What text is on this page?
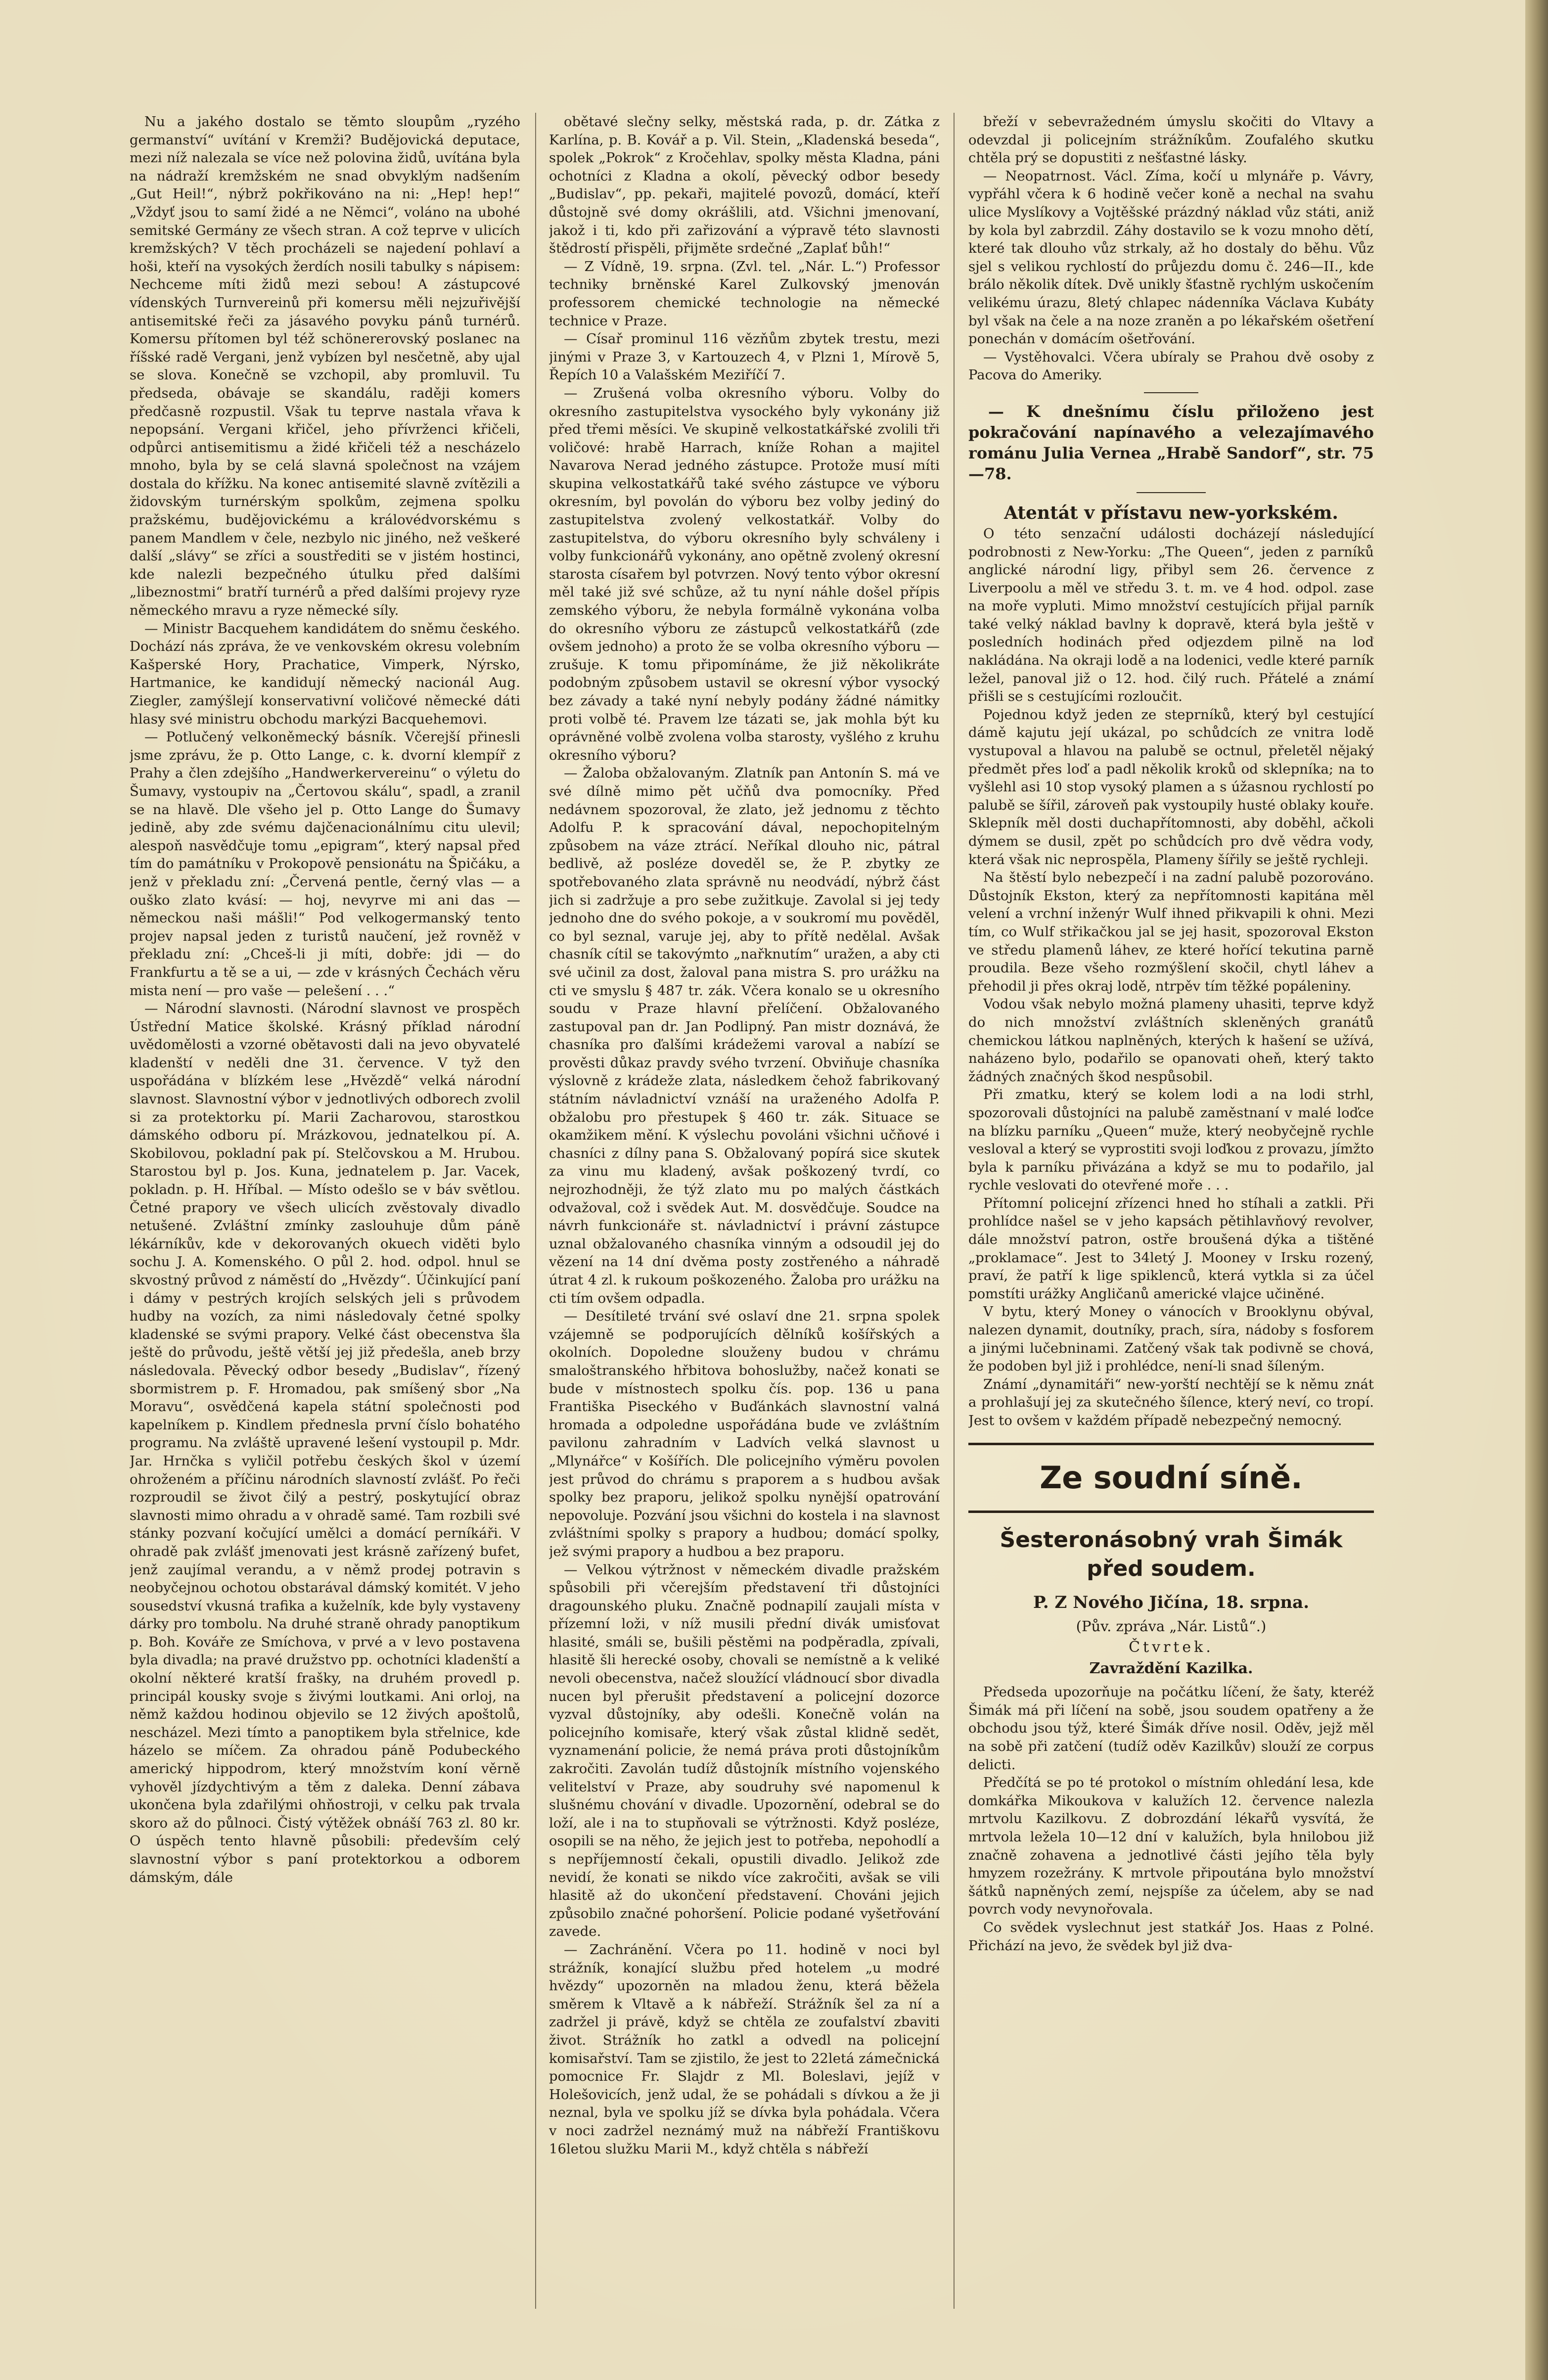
Nu a jakého dostalo se těmto sloupům „ryzého germanství“ uvítání v Kremži? Budějovická deputace, mezi níž nalezala se více než polovina židů, uvítána byla na nádraží kremžském ne snad obvyklým nadšením „Gut Heil!“, nýbrž pokřikováno na ni: „Hep! hep!“ „Vždyť jsou to samí židé a ne Němci“, voláno na ubohé semitské Germány ze všech stran. A což teprve v ulicích kremžských? V těch procházeli se najedení pohlaví a hoši, kteří na vysokých žerdích nosili tabulky s nápisem: Nechceme míti židů mezi sebou! A zástupcové vídenských Turnvereinů při komersu měli nejzuřivější antisemitské řeči za jásavého povyku pánů turnérů. Komersu přítomen byl též schönererovský poslanec na říšské radě Vergani, jenž vybízen byl nesčetně, aby ujal se slova. Konečně se vzchopil, aby promluvil. Tu předseda, obávaje se skandálu, raději komers předčasně rozpustil. Však tu teprve nastala vřava k nepopsání. Vergani křičel, jeho přívrženci křičeli, odpůrci antisemitismu a židé křičeli též a nescházelo mnoho, byla by se celá slavná společnost na vzájem dostala do křížku. Na konec antisemité slavně zvítězili a židovským turnérským spolkům, zejmena spolku pražskému, budějovickému a královédvorskému s panem Mandlem v čele, nezbylo nic jiného, než veškeré další „slávy“ se zříci a soustřediti se v jistém hostinci, kde nalezli bezpečného útulku před dalšími „libeznostmi“ bratří turnérů a před dalšími projevy ryze německého mravu a ryze německé síly.

— Ministr Bacquehem kandidátem do sněmu českého. Dochází nás zpráva, že ve venkovském okresu volebním Kašperské Hory, Prachatice, Vimperk, Nýrsko, Hartmanice, ke kandidují německý nacionál Aug. Ziegler, zamýšlejí konservativní voličové německé dáti hlasy své ministru obchodu markýzi Bacquehemovi.

— Potlučený velkoněmecký básník. Včerejší přinesli jsme zprávu, že p. Otto Lange, c. k. dvorní klempíř z Prahy a člen zdejšího „Handwerkervereinu“ o výletu do Šumavy, vystoupiv na „Čertovou skálu“, spadl, a zranil se na hlavě. Dle všeho jel p. Otto Lange do Šumavy jedině, aby zde svému dajčenacionálnímu citu ulevil; alespoň nasvědčuje tomu „epigram“, který napsal před tím do památníku v Prokopově pensionátu na Špičáku, a jenž v překladu zní: „Červená pentle, černý vlas — a ouško zlato kvásí: — hoj, nevyrve mi ani das — německou naši mášli!“ Pod velkogermanský tento projev napsal jeden z turistů naučení, jež rovněž v překladu zní: „Chceš-li ji míti, dobře: jdi — do Frankfurtu a tě se a ui, — zde v krásných Čechách věru mista není — pro vaše — pelešení . . .“

— Národní slavnosti. (Národní slavnost ve prospěch Ústřední Matice školské. Krásný příklad národní uvědomělosti a vzorné obětavosti dali na jevo obyvatelé kladenští v neděli dne 31. července. V tyž den uspořádána v blízkém lese „Hvězdě“ velká národní slavnost. Slavnostní výbor v jednotlivých odborech zvolil si za protektorku pí. Marii Zacharovou, starostkou dámského odboru pí. Mrázkovou, jednatelkou pí. A. Skobilovou, pokladní pak pí. Stelčovskou a M. Hrubou. Starostou byl p. Jos. Kuna, jednatelem p. Jar. Vacek, pokladn. p. H. Hříbal. — Místo odešlo se v báv světlou. Četné prapory ve všech ulicích zvěstovaly divadlo netušené. Zvláštní zmínky zaslouhuje dům páně lékárníkův, kde v dekorovaných okuech viděti bylo sochu J. A. Komenského. O půl 2. hod. odpol. hnul se skvostný průvod z náměstí do „Hvězdy“. Účinkující paní i dámy v pestrých krojích selských jeli s průvodem hudby na vozích, za nimi následovaly četné spolky kladenské se svými prapory. Velké část obecenstva šla ještě do průvodu, ještě větší jej již předešla, aneb brzy následovala. Pěvecký odbor besedy „Budislav“, řízený sbormistrem p. F. Hromadou, pak smíšený sbor „Na Moravu“, osvědčená kapela státní společnosti pod kapelníkem p. Kindlem přednesla první číslo bohatého programu. Na zvláště upravené lešení vystoupil p. Mdr. Jar. Hrnčka s vyličil potřebu českých škol v území ohroženém a příčinu národních slavností zvlášť. Po řeči rozproudil se život čilý a pestrý, poskytující obraz slavnosti mimo ohradu a v ohradě samé. Tam rozbili své stánky pozvaní kočující umělci a domácí perníkáři. V ohradě pak zvlášť jmenovati jest krásně zařízený bufet, jenž zaujímal verandu, a v němž prodej potravin s neobyčejnou ochotou obstarával dámský komitét. V jeho sousedství vkusná trafika a kuželník, kde byly vystaveny dárky pro tombolu. Na druhé straně ohrady panoptikum p. Boh. Kováře ze Smíchova, v prvé a v levo postavena byla divadla; na pravé družstvo pp. ochotníci kladenští a okolní některé kratší frašky, na druhém provedl p. principál kousky svoje s živými loutkami. Ani orloj, na němž každou hodinou objevilo se 12 živých apoštolů, nescházel. Mezi tímto a panoptikem byla střelnice, kde házelo se míčem. Za ohradou páně Podubeckého americký hippodrom, který množstvím koní věrně vyhověl jízdychtivým a těm z daleka. Denní zábava ukončena byla zdařilými ohňostroji, v celku pak trvala skoro až do půlnoci. Čistý výtěžek obnáší 763 zl. 80 kr. O úspěch tento hlavně působili: především celý slavnostní výbor s paní protektorkou a odborem dámským, dále

obětavé slečny selky, městská rada, p. dr. Zátka z Karlína, p. B. Kovář a p. Vil. Stein, „Kladenská beseda“, spolek „Pokrok“ z Kročehlav, spolky města Kladna, páni ochotníci z Kladna a okolí, pěvecký odbor besedy „Budislav“, pp. pekaři, majitelé povozů, domácí, kteří důstojně své domy okrášlili, atd. Všichni jmenovaní, jakož i ti, kdo při zařizování a výpravě této slavnosti štědrostí přispěli, přijměte srdečné „Zaplať bůh!“

— Z Vídně, 19. srpna. (Zvl. tel. „Nár. L.“) Professor techniky brněnské Karel Zulkovský jmenován professorem chemické technologie na německé technice v Praze.

— Císař prominul 116 vězňům zbytek trestu, mezi jinými v Praze 3, v Kartouzech 4, v Plzni 1, Mírově 5, Řepích 10 a Valašském Meziříčí 7.

— Zrušená volba okresního výboru. Volby do okresního zastupitelstva vysockého byly vykonány již před třemi měsíci. Ve skupině velkostatkářské zvolili tři voličové: hrabě Harrach, kníže Rohan a majitel Navarova Nerad jedného zástupce. Protože musí míti skupina velkostatkářů také svého zástupce ve výboru okresním, byl povolán do výboru bez volby jediný do zastupitelstva zvolený velkostatkář. Volby do zastupitelstva, do výboru okresního byly schváleny i volby funkcionářů vykonány, ano opětně zvolený okresní starosta císařem byl potvrzen. Nový tento výbor okresní měl také již své schůze, až tu nyní náhle došel přípis zemského výboru, že nebyla formálně vykonána volba do okresního výboru ze zástupců velkostatkářů (zde ovšem jednoho) a proto že se volba okresního výboru — zrušuje. K tomu připomínáme, že již několikráte podobným způsobem ustavil se okresní výbor vysocký bez závady a také nyní nebyly podány žádné námitky proti volbě té. Pravem lze tázati se, jak mohla být ku oprávněné volbě zvolena volba starosty, vyšlého z kruhu okresního výboru?

— Žaloba obžalovaným. Zlatník pan Antonín S. má ve své dílně mimo pět učňů dva pomocníky. Před nedávnem spozoroval, že zlato, jež jednomu z těchto Adolfu P. k spracování dával, nepochopitelným způsobem na váze ztrácí. Neříkal dlouho nic, pátral bedlivě, až posléze doveděl se, že P. zbytky ze spotřebovaného zlata správně nu neodvádí, nýbrž část jich si zadržuje a pro sebe zužitkuje. Zavolal si jej tedy jednoho dne do svého pokoje, a v soukromí mu pověděl, co byl seznal, varuje jej, aby to přítě nedělal. Avšak chasník cítil se takovýmto „nařknutím“ uražen, a aby cti své učinil za dost, žaloval pana mistra S. pro urážku na cti ve smyslu § 487 tr. zák. Včera konalo se u okresního soudu v Praze hlavní přelíčení. Obžalovaného zastupoval pan dr. Jan Podlipný. Pan mistr doznává, že chasníka pro ďalšími krádežemi varoval a nabízí se prověsti důkaz pravdy svého tvrzení. Obviňuje chasníka výslovně z krádeže zlata, následkem čehož fabrikovaný státním návladnictví vznáší na uraženého Adolfa P. obžalobu pro přestupek § 460 tr. zák. Situace se okamžikem mění. K výslechu povoláni všichni učňové i chasníci z dílny pana S. Obžalovaný popírá sice skutek za vinu mu kladený, avšak poškozený tvrdí, co nejrozhodněji, že týž zlato mu po malých částkách odvažoval, což i svědek Aut. M. dosvědčuje. Soudce na návrh funkcionáře st. návladnictví i právní zástupce uznal obžalovaného chasníka vinným a odsoudil jej do vězení na 14 dní dvěma posty zostřeného a náhradě útrat 4 zl. k rukoum poškozeného. Žaloba pro urážku na cti tím ovšem odpadla.

— Desítileté trvání své oslaví dne 21. srpna spolek vzájemně se podporujících dělníků košířských a okolních. Dopoledne slouženy budou v chrámu smaloštranského hřbitova bohoslužby, načež konati se bude v místnostech spolku čís. pop. 136 u pana Františka Piseckého v Buďánkách slavnostní valná hromada a odpoledne uspořádána bude ve zvláštním pavilonu zahradním v Ladvích velká slavnost u „Mlynářce“ v Košířích. Dle policejního výměru povolen jest průvod do chrámu s praporem a s hudbou avšak spolky bez praporu, jelikož spolku nynější opatrování nepovoluje. Pozvání jsou všichni do kostela i na slavnost zvláštními spolky s prapory a hudbou; domácí spolky, jež svými prapory a hudbou a bez praporu.

— Velkou výtržnost v německém divadle pražském spůsobili při včerejším představení tři důstojníci dragounského pluku. Značně podnapilí zaujali místa v přízemní loži, v níž musili přední divák umisťovat hlasité, smáli se, bušili pěstěmi na podpěradla, zpívali, hlasitě šli herecké osoby, chovali se nemístně a k veliké nevoli obecenstva, načež sloužící vládnoucí sbor divadla nucen byl přerušit představení a policejní dozorce vyzval důstojníky, aby odešli. Konečně volán na policejního komisaře, který však zůstal klidně sedět, vyznamenání policie, že nemá práva proti důstojníkům zakročiti. Zavolán tudíž důstojník místního vojenského velitelství v Praze, aby soudruhy své napomenul k slušnému chování v divadle. Upozornění, odebral se do loží, ale i na to stupňovali se výtržnosti. Když posléze, osopili se na něho, že jejich jest to potřeba, nepohodlí a s nepříjemností čekali, opustili divadlo. Jelikož zde nevidí, že konati se nikdo více zakročiti, avšak se vili hlasitě až do ukončení představení. Chováni jejich způsobilo značné pohoršení. Policie podané vyšetřování zavede.

— Zachránění. Včera po 11. hodině v noci byl strážník, konající službu před hotelem „u modré hvězdy“ upozorněn na mladou ženu, která běžela směrem k Vltavě a k nábřeží. Strážník šel za ní a zadržel ji právě, když se chtěla ze zoufalství zbaviti život. Strážník ho zatkl a odvedl na policejní komisařství. Tam se zjistilo, že jest to 22letá zámečnická pomocnice Fr. Slajdr z Ml. Boleslavi, jejíž v Holešovicích, jenž udal, že se pohádali s dívkou a že ji neznal, byla ve spolku jíž se dívka byla pohádala. Včera v noci zadržel neznámý muž na nábřeží Františkovu 16letou služku Marii M., když chtěla s nábřeží

břeží v sebevražedném úmyslu skočiti do Vltavy a odevzdal ji policejním strážníkům. Zoufalého skutku chtěla prý se dopustiti z nešťastné lásky.

— Neopatrnost. Václ. Zíma, kočí u mlynáře p. Vávry, vypřáhl včera k 6 hodině večer koně a nechal na svahu ulice Myslíkovy a Vojtěšské prázdný náklad vůz státi, aniž by kola byl zabrzdil. Záhy dostavilo se k vozu mnoho dětí, které tak dlouho vůz strkaly, až ho dostaly do běhu. Vůz sjel s velikou rychlostí do průjezdu domu č. 246—II., kde brálo několik dítek. Dvě unikly šťastně rychlým uskočením velikému úrazu, 8letý chlapec nádenníka Václava Kubáty byl však na čele a na noze zraněn a po lékařském ošetření ponechán v domácím ošetřování.

— Vystěhovalci. Včera ubíraly se Prahou dvě osoby z Pacova do Ameriky.

— K dnešnímu číslu přiloženo jest pokračování napínavého a velezajímavého románu Julia Vernea „Hrabě Sandorf“, str. 75—78.

Atentát v přístavu new-yorkském.

O této senzační události docházejí následující podrobnosti z New-Yorku: „The Queen“, jeden z parníků anglické národní ligy, přibyl sem 26. července z Liverpoolu a měl ve středu 3. t. m. ve 4 hod. odpol. zase na moře vypluti. Mimo množství cestujících přijal parník také velký náklad bavlny k dopravě, která byla ještě v posledních hodinách před odjezdem pilně na loď nakládána. Na okraji lodě a na lodenici, vedle které parník ležel, panoval již o 12. hod. čilý ruch. Přátelé a známí přišli se s cestujícími rozloučit.

Pojednou když jeden ze steprníků, který byl cestující dámě kajutu její ukázal, po schůdcích ze vnitra lodě vystupoval a hlavou na palubě se octnul, přeletěl nějaký předmět přes loď a padl několik kroků od sklepníka; na to vyšlehl asi 10 stop vysoký plamen a s úžasnou rychlostí po palubě se šířil, zároveň pak vystoupily husté oblaky kouře. Sklepník měl dosti duchapřítomnosti, aby doběhl, ačkoli dýmem se dusil, zpět po schůdcích pro dvě vědra vody, která však nic neprospěla, Plameny šířily se ještě rychleji.

Na štěstí bylo nebezpečí i na zadní palubě pozorováno. Důstojník Ekston, který za nepřítomnosti kapitána měl velení a vrchní inženýr Wulf ihned přikvapili k ohni. Mezi tím, co Wulf střikačkou jal se jej hasit, spozoroval Ekston ve středu plamenů láhev, ze které hořící tekutina parně proudila. Beze všeho rozmýšlení skočil, chytl láhev a přehodil ji přes okraj lodě, ntrpěv tím těžké popáleniny.

Vodou však nebylo možná plameny uhasiti, teprve když do nich množství zvláštních skleněných granátů chemickou látkou naplněných, kterých k hašení se užívá, naházeno bylo, podařilo se opanovati oheň, který takto žádných značných škod nespůsobil.

Při zmatku, který se kolem lodi a na lodi strhl, spozorovali důstojníci na palubě zaměstnaní v malé loďce na blízku parníku „Queen“ muže, který neobyčejně rychle vesloval a který se vyprostiti svoji loďkou z provazu, jímžto byla k parníku přivázána a když se mu to podařilo, jal rychle veslovati do otevřené moře . . .

Přítomní policejní zřízenci hned ho stíhali a zatkli. Při prohlídce našel se v jeho kapsách pětihlavňový revolver, dále množství patron, ostře broušená dýka a tištěné „proklamace“. Jest to 34letý J. Mooney v Irsku rozený, praví, že patří k lige spiklenců, která vytkla si za účel pomstíti urážky Angličanů americké vlajce učiněné.

V bytu, který Money o vánocích v Brooklynu obýval, nalezen dynamit, doutníky, prach, síra, nádoby s fosforem a jinými lučebninami. Zatčený však tak podivně se chová, že podoben byl již i prohlédce, není-li snad šíleným.

Známí „dynamitáři“ new-yorští nechtějí se k němu znát a prohlašují jej za skutečného šílence, který neví, co tropí. Jest to ovšem v každém případě nebezpečný nemocný.

Ze soudní síně.
Šesteronásobný vrah Šimák před soudem.
P. Z Nového Jičína, 18. srpna.
(Pův. zpráva „Nár. Listů“.)
Čtvrtek.
Zavraždění Kazilka.

Předseda upozorňuje na počátku líčení, že šaty, kteréž Šimák má při líčení na sobě, jsou soudem opatřeny a že obchodu jsou týž, které Šimák dříve nosil. Oděv, jejž měl na sobě při zatčení (tudíž oděv Kazilkův) slouží ze corpus delicti.

Předčítá se po té protokol o místním ohledání lesa, kde domkářka Mikoukova v kalužích 12. července nalezla mrtvolu Kazilkovu. Z dobrozdání lékařů vysvítá, že mrtvola ležela 10—12 dní v kalužích, byla hnilobou již značně zohavena a jednotlivé části jejího těla byly hmyzem rozežrány. K mrtvole připoutána bylo množství šátků napněných zemí, nejspíše za účelem, aby se nad povrch vody nevynořovala.

Co svědek vyslechnut jest statkář Jos. Haas z Polné. Přichází na jevo, že svědek byl již dva-
